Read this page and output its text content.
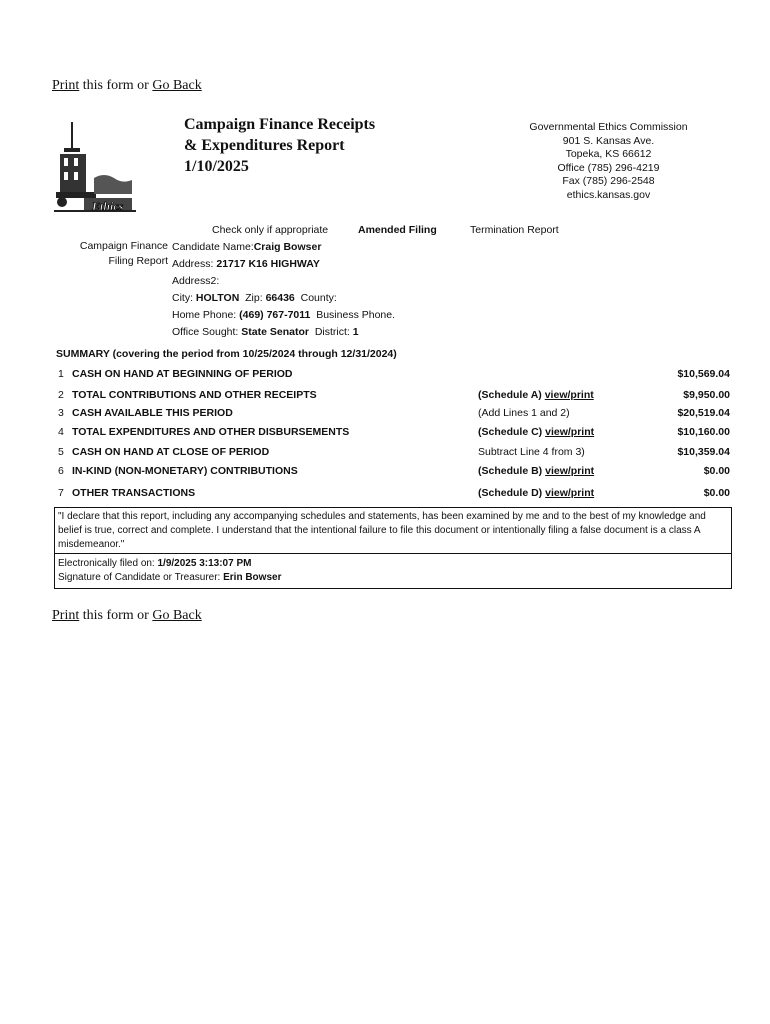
Print this form or Go Back
Ethics
Campaign Finance Receipts
& Expenditures Report
1/10/2025
Governmental Ethics Commission
901 S. Kansas Ave.
Topeka, KS 66612
Office (785) 296-4219
Fax (785) 296-2548
ethics.kansas.gov
Check only if appropriate	Amended Filing	Termination Report
Campaign Finance
Filing Report
Candidate Name:Craig Bowser
Address: 21717 K16 HIGHWAY
Address2:
City: HOLTON Zip: 66436 County:
Home Phone: (469) 767-7011 Business Phone.
Office Sought: State Senator District: 1
SUMMARY (covering the period from 10/25/2024 through 12/31/2024)
1 CASH ON HAND AT BEGINNING OF PERIOD	$10,569.04
2 TOTAL CONTRIBUTIONS AND OTHER RECEIPTS	(Schedule A) view/print	$9,950.00
3 CASH AVAILABLE THIS PERIOD	(Add Lines 1 and 2)	$20,519.04
4 TOTAL EXPENDITURES AND OTHER DISBURSEMENTS	(Schedule C) view/print	$10,160.00
5 CASH ON HAND AT CLOSE OF PERIOD	Subtract Line 4 from 3)	$10,359.04
6 IN-KIND (NON-MONETARY) CONTRIBUTIONS	(Schedule B) view/print	$0.00
7 OTHER TRANSACTIONS	(Schedule D) view/print	$0.00
"I declare that this report, including any accompanying schedules and statements, has been examined by me and to the best of my knowledge and belief is true, correct and complete. I understand that the intentional failure to file this document or intentionally filing a false document is a class A misdemeanor."
Electronically filed on: 1/9/2025 3:13:07 PM
Signature of Candidate or Treasurer: Erin Bowser
Print this form or Go Back
